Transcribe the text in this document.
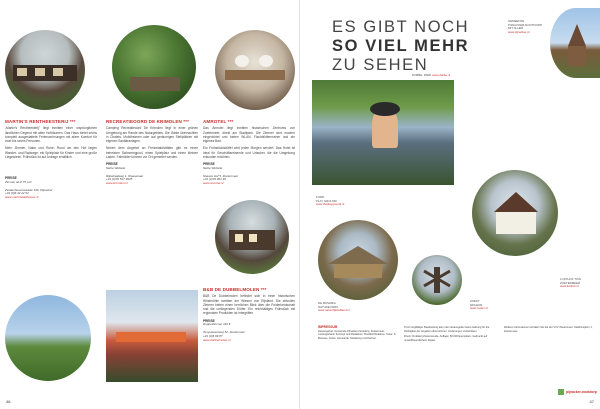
MARTIN'S RENTHEESTERIJ ***

„Martin's Rentheesterij" liegt inmitten einer ursprünglichen ländlichen Gegend mit alten Hofbäumen. Das Haus bietet sechs komplett ausgestattete Ferienwohnungen mit allem Komfort für zwei bis sechs Personen.

Mehr Zimmer, Natur und Ruhe: Rund um den Hof liegen Wander- und Radwege, ein Spielplatz für Kinder und eine große Liegewiese. Frühstück ist auf Anfrage erhältlich.

PREISE
Zimmer ab € 75 p.P.
Zestienhovensekade 160, Pijnacker
+31 (0)6 42 22 52
www.martinsbadhoeve.nl
RECREATIEOORD DE KRIMOLEN ***

Camping Recreatieoord De Krimolen liegt in einer grünen Umgebung am Rande des Naturgebiets. Die Gäste übernachten in Chalets, Mobilheimen oder auf geräumigen Stellplätzen mit eigenen Sanitäranlagen.

Neben dem Angebot an Freizeitaktivitäten gibt es einen beheizten Swimmingpool, einen Spielplatz und einen kleinen Laden. Fahrräder können vor Ort gemietet werden.

PREISE
Siehe Website
Rijkstraatweg 1, Wassenaar
+31 (0)70 517 9945
www.krimolen.nl
AMROTEL ***

Das Amrotel liegt inmitten historischen Zentrums von Zoetermeer, direkt am Stadtpark. Die Zimmer sind modern eingerichtet und bieten WLAN, Flachbildfernseher und ein eigenes Bad.

Ein Frühstücksbüffet wird jeden Morgen serviert. Das Hotel ist ideal für Geschäftsreisende und Urlauber, die die Umgebung erkunden möchten.

PREISE
Siehe Website
Nieuwe Hof 5, Zoetermeer
+31 (0)79 361 93
www.amrotel.nl
B&B DE DUBBELMOLEN ***

B&B De Dubbelmolen befindet sich in einer historischen Windmühle inmitten der Wiesen von Rijnland. Die stilvollen Zimmer bieten einen herrlichen Blick über die Polderlandschaft und die umliegenden Dörfer. Ein reichhaltiges Frühstück mit regionalen Produkten ist inbegriffen.

PREISE
Doppelzimmer 110 €
Tenyssteenweg 52, Zoetermeer
+31 (0)6 ## 87
www.dubbelmolen.nl
46
ES GIBT NOCH
SO VIEL MEHR
ZU SEHEN
GEMEENTE
PIJNACKER-NOOTDORP
MIT ALLEM
www.pijnacker.nl
DOBBE, PARK www.dobbe.nl
FORD
PLAY GROUND
www.theplayground.nl
LUSTHOF TUIN
ZOETERMEER
www.lusthof.nl
DE BOSWEG
NATURE PARK
www.natuurlijkdelfland.nl
ZOEKT
MOLENS
www.molen.nl
IMPRESSUM

Herausgeber: Gemeinde Pijnacker-Nootdorp, Zoetermeer, Lansingerland. Konzept und Redaktion: Roodbol Reklame. Texte: S. Brussee. Fotos: Gemeinde, Marketing und Partner.

Trotz sorgfältiger Bearbeitung kann der Herausgeber keine Haftung für die Richtigkeit der Angaben übernehmen. Änderungen vorbehalten.

Druck: Drukkerij Zoeterwoude. Auflage: 50.000 Exemplare. Gedruckt auf umweltfreundlichem Papier.

Weitere Informationen erhalten Sie bei der VVV Zoetermeer, Stadhuisplein 1, Zoetermeer.

pijnacker-nootdorp
47
